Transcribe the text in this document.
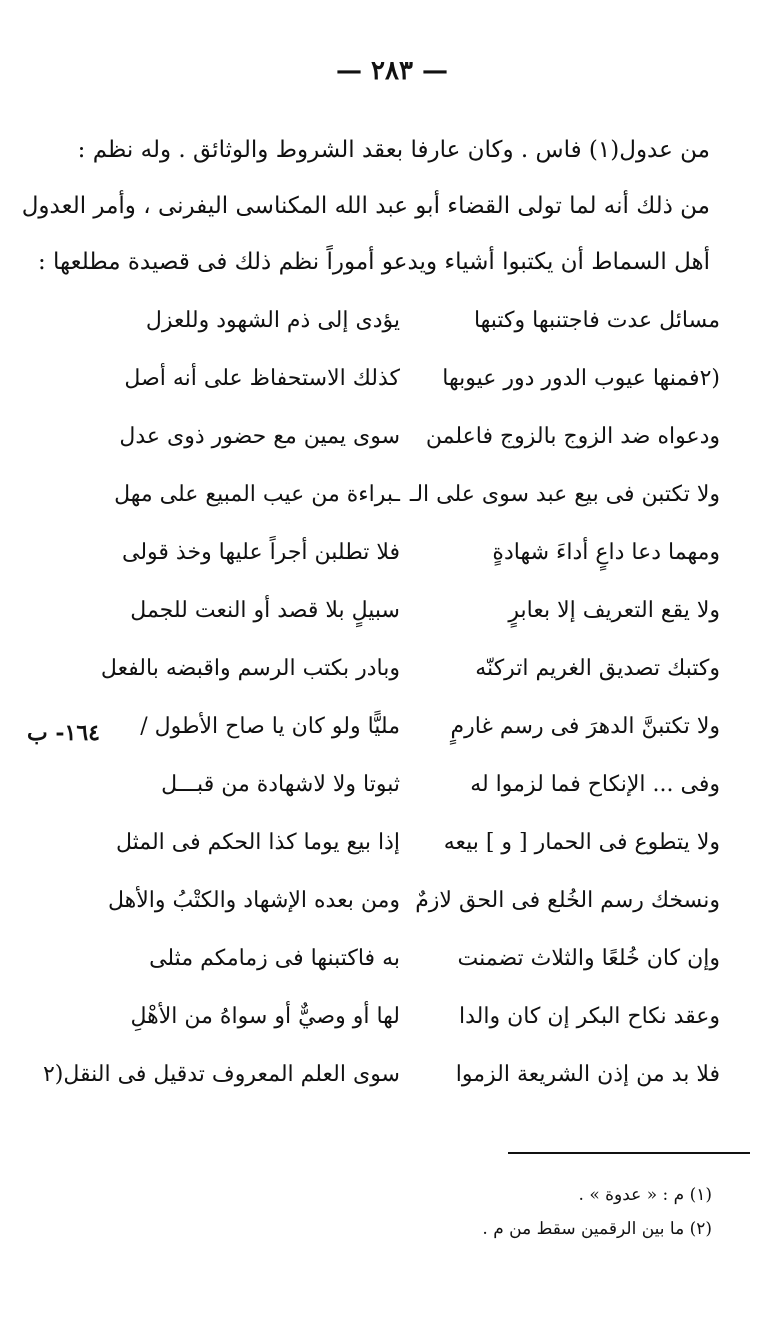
— ٢٨٣ —
من عدول(١) فاس . وكان عارفا بعقد الشروط والوثائق . وله نظم :
من ذلك أنه لما تولى القضاء أبو عبد الله المكناسى اليفرنى ، وأمر العدول
أهل السماط أن يكتبوا أشياء ويدعو أموراً نظم ذلك فى قصيدة مطلعها :
مسائل عدت فاجتنبها وكتبها
يؤدى إلى ذم الشهود وللعزل
(٢فمنها عيوب الدور دور عيوبها
كذلك الاستحفاظ على أنه أصل
ودعواه ضد الزوج بالزوج فاعلمن
سوى يمين مع حضور ذوى عدل
ولا تكتبن فى بيع عبد سوى على الـ
ـبراءة من عيب المبيع على مهل
ومهما دعا داعٍ أداءَ شهادةٍ
فلا تطلبن أجراً عليها وخذ قولى
ولا يقع التعريف إلا بعابرٍ
سبيلٍ بلا قصد أو النعت للجمل
وكتبك تصديق الغريم اتركنّه
وبادر بكتب الرسم واقبضه بالفعل
ولا تكتبنَّ الدهرَ فى رسم غارمٍ
مليًّا ولو كان يا صاح الأطول /
وفى ... الإنكاح فما لزموا له
ثبوتا ولا لاشهادة من قبـــل
ولا يتطوع فى الحمار [ و ] بيعه
إذا بيع يوما كذا الحكم فى المثل
ونسخك رسم الخُلع فى الحق لازمٌ
ومن بعده الإشهاد والكتْبُ والأهل
وإن كان خُلعًا والثلاث تضمنت
به فاكتبنها فى زمامكم مثلى
وعقد نكاح البكر إن كان والدا
لها أو وصيٌّ أو سواهُ من الأهْلِ
فلا بد من إذن الشريعة الزموا
سوى العلم المعروف تدقيل فى النقل(٢
١٦٤- ب
(١) م : « عدوة » .
(٢) ما بين الرقمين سقط من م .
